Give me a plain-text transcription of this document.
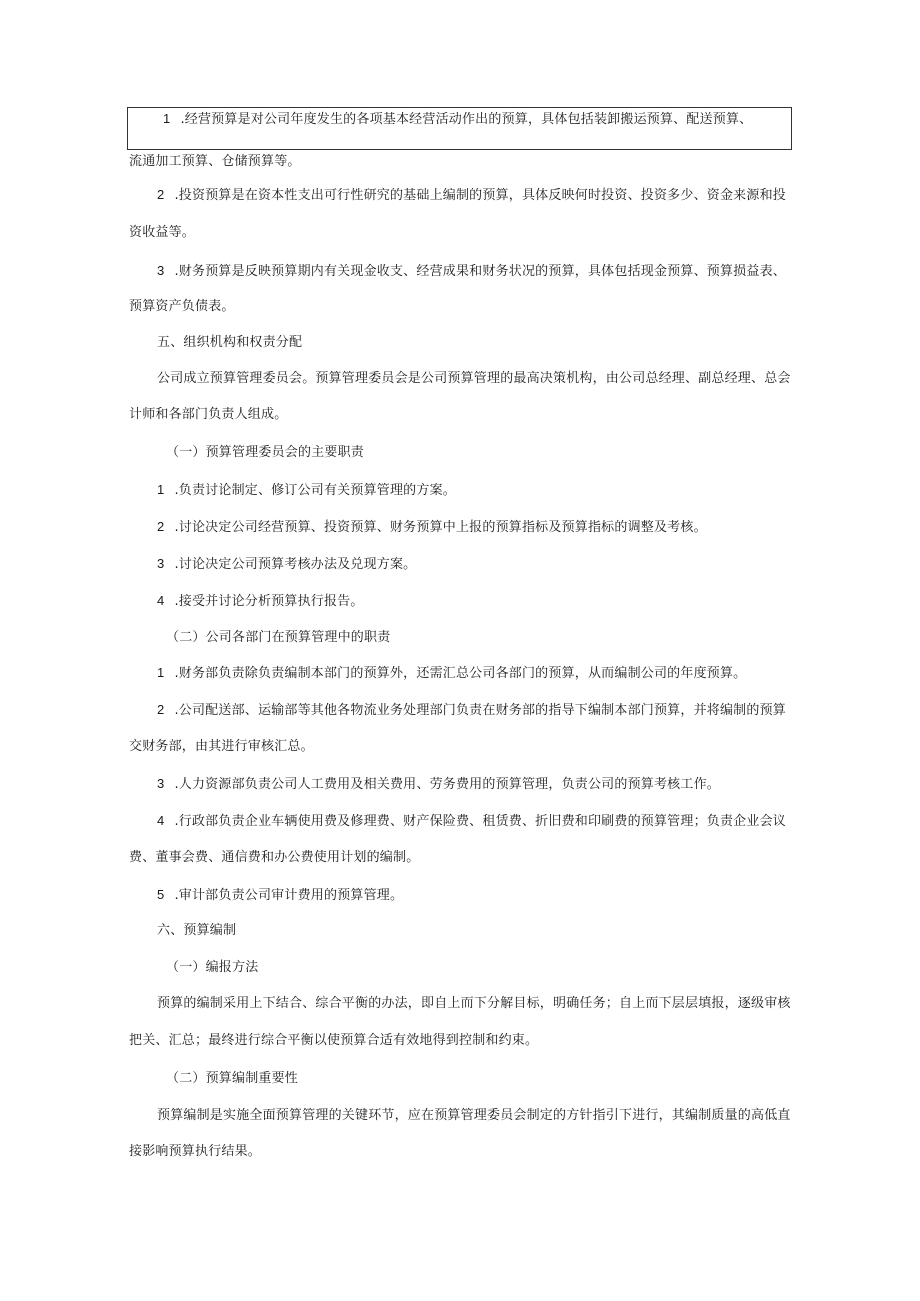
1 .经营预算是对公司年度发生的各项基本经营活动作出的预算，具体包括装卸搬运预算、配送预算、
流通加工预算、仓储预算等。
2 .投资预算是在资本性支出可行性研究的基础上编制的预算，具体反映何时投资、投资多少、资金来源和投
资收益等。
3 .财务预算是反映预算期内有关现金收支、经营成果和财务状况的预算，具体包括现金预算、预算损益表、
预算资产负债表。
五、组织机构和权责分配
公司成立预算管理委员会。预算管理委员会是公司预算管理的最高决策机构，由公司总经理、副总经理、总会
计师和各部门负责人组成。
（一）预算管理委员会的主要职责
1 .负责讨论制定、修订公司有关预算管理的方案。
2 .讨论决定公司经营预算、投资预算、财务预算中上报的预算指标及预算指标的调整及考核。
3 .讨论决定公司预算考核办法及兑现方案。
4 .接受并讨论分析预算执行报告。
（二）公司各部门在预算管理中的职责
1 .财务部负责除负责编制本部门的预算外，还需汇总公司各部门的预算，从而编制公司的年度预算。
2 .公司配送部、运输部等其他各物流业务处理部门负责在财务部的指导下编制本部门预算，并将编制的预算
交财务部，由其进行审核汇总。
3 .人力资源部负责公司人工费用及相关费用、劳务费用的预算管理，负责公司的预算考核工作。
4 .行政部负责企业车辆使用费及修理费、财产保险费、租赁费、折旧费和印刷费的预算管理；负责企业会议
费、董事会费、通信费和办公费使用计划的编制。
5 .审计部负责公司审计费用的预算管理。
六、预算编制
（一）编报方法
预算的编制采用上下结合、综合平衡的办法，即自上而下分解目标，明确任务；自上而下层层填报，逐级审核
把关、汇总；最终进行综合平衡以使预算合适有效地得到控制和约束。
（二）预算编制重要性
预算编制是实施全面预算管理的关键环节，应在预算管理委员会制定的方针指引下进行，其编制质量的高低直
接影响预算执行结果。
